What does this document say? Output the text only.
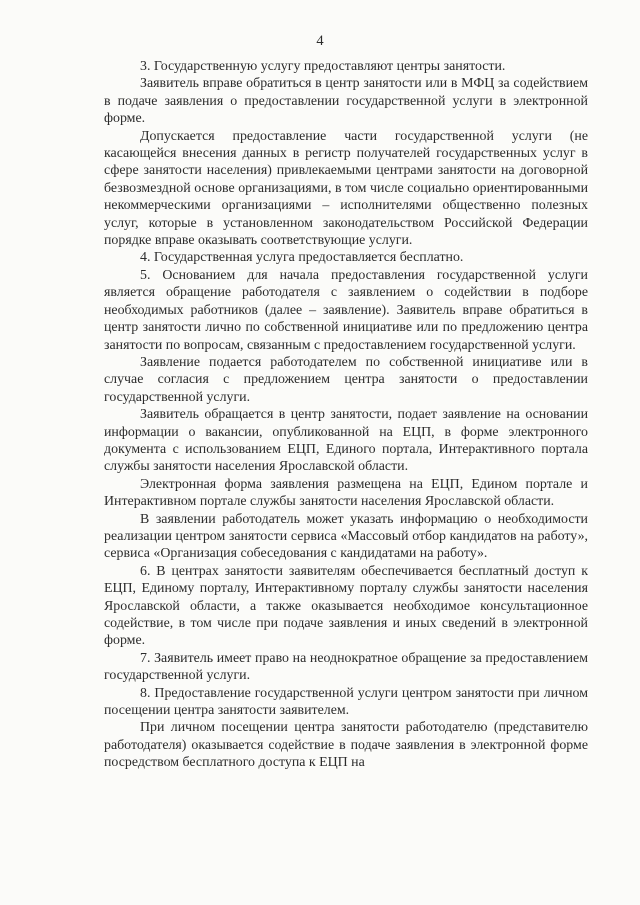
4

3. Государственную услугу предоставляют центры занятости.

Заявитель вправе обратиться в центр занятости или в МФЦ за содействием в подаче заявления о предоставлении государственной услуги в электронной форме.

Допускается предоставление части государственной услуги (не касающейся внесения данных в регистр получателей государственных услуг в сфере занятости населения) привлекаемыми центрами занятости на договорной безвозмездной основе организациями, в том числе социально ориентированными некоммерческими организациями – исполнителями общественно полезных услуг, которые в установленном законодательством Российской Федерации порядке вправе оказывать соответствующие услуги.

4. Государственная услуга предоставляется бесплатно.

5. Основанием для начала предоставления государственной услуги является обращение работодателя с заявлением о содействии в подборе необходимых работников (далее – заявление). Заявитель вправе обратиться в центр занятости лично по собственной инициативе или по предложению центра занятости по вопросам, связанным с предоставлением государственной услуги.

Заявление подается работодателем по собственной инициативе или в случае согласия с предложением центра занятости о предоставлении государственной услуги.

Заявитель обращается в центр занятости, подает заявление на основании информации о вакансии, опубликованной на ЕЦП, в форме электронного документа с использованием ЕЦП, Единого портала, Интерактивного портала службы занятости населения Ярославской области.

Электронная форма заявления размещена на ЕЦП, Едином портале и Интерактивном портале службы занятости населения Ярославской области.

В заявлении работодатель может указать информацию о необходимости реализации центром занятости сервиса «Массовый отбор кандидатов на работу», сервиса «Организация собеседования с кандидатами на работу».

6. В центрах занятости заявителям обеспечивается бесплатный доступ к ЕЦП, Единому порталу, Интерактивному порталу службы занятости населения Ярославской области, а также оказывается необходимое консультационное содействие, в том числе при подаче заявления и иных сведений в электронной форме.

7. Заявитель имеет право на неоднократное обращение за предоставлением государственной услуги.

8. Предоставление государственной услуги центром занятости при личном посещении центра занятости заявителем.

При личном посещении центра занятости работодателю (представителю работодателя) оказывается содействие в подаче заявления в электронной форме посредством бесплатного доступа к ЕЦП на
